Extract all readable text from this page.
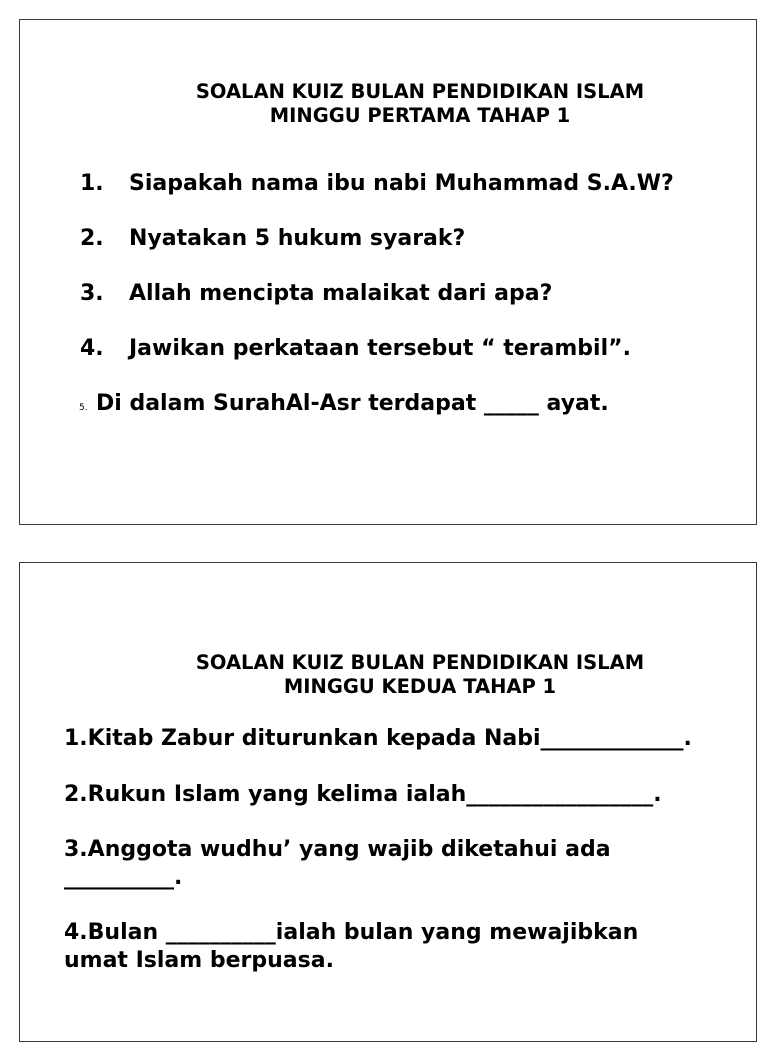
SOALAN KUIZ BULAN PENDIDIKAN ISLAM
MINGGU PERTAMA TAHAP 1
1. Siapakah nama ibu nabi Muhammad S.A.W?
2. Nyatakan 5 hukum syarak?
3. Allah mencipta malaikat dari apa?
4. Jawikan perkataan tersebut “ terambil”.
5. Di dalam SurahAl-Asr terdapat _____ ayat.
SOALAN KUIZ BULAN PENDIDIKAN ISLAM
MINGGU KEDUA TAHAP 1
1.Kitab Zabur diturunkan kepada Nabi_____________.
2.Rukun Islam yang kelima ialah_________________.
3.Anggota wudhu’ yang wajib diketahui ada
__________.
4.Bulan __________ialah bulan yang mewajibkan
umat Islam berpuasa.
